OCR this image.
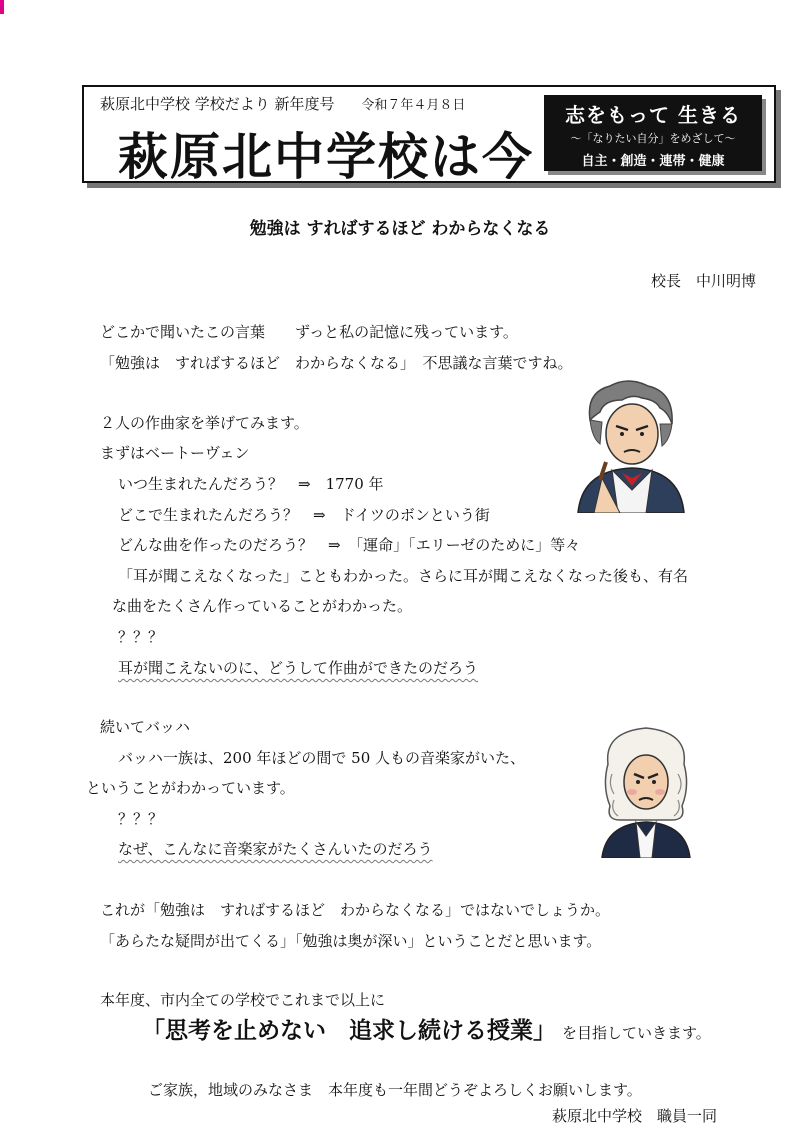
萩原北中学校 学校だより 新年度号 令和７年４月８日
萩原北中学校は今
志をもって 生きる
～「なりたい自分」をめざして～
自主・創造・連帯・健康
勉強は すればするほど わからなくなる
校長　中川明博
どこかで聞いたこの言葉　　ずっと私の記憶に残っています。
「勉強は　すればするほど　わからなくなる」　不思議な言葉ですね。
２人の作曲家を挙げてみます。
まずはベートーヴェン
いつ生まれたんだろう？　⇒　1770 年
どこで生まれたんだろう？　⇒　ドイツのボンという街
どんな曲を作ったのだろう？　⇒　「運命」「エリーゼのために」等々
「耳が聞こえなくなった」こともわかった。さらに耳が聞こえなくなった後も、有名
な曲をたくさん作っていることがわかった。
？？？
耳が聞こえないのに、どうして作曲ができたのだろう
続いてバッハ
バッハ一族は、200 年ほどの間で 50 人もの音楽家がいた、
ということがわかっています。
？？？
なぜ、こんなに音楽家がたくさんいたのだろう
これが「勉強は　すればするほど　わからなくなる」ではないでしょうか。
「あらたな疑問が出てくる」「勉強は奥が深い」ということだと思います。
本年度、市内全ての学校でこれまで以上に
「思考を止めない　追求し続ける授業」 を目指していきます。
ご家族，地域のみなさま　本年度も一年間どうぞよろしくお願いします。
萩原北中学校　職員一同
